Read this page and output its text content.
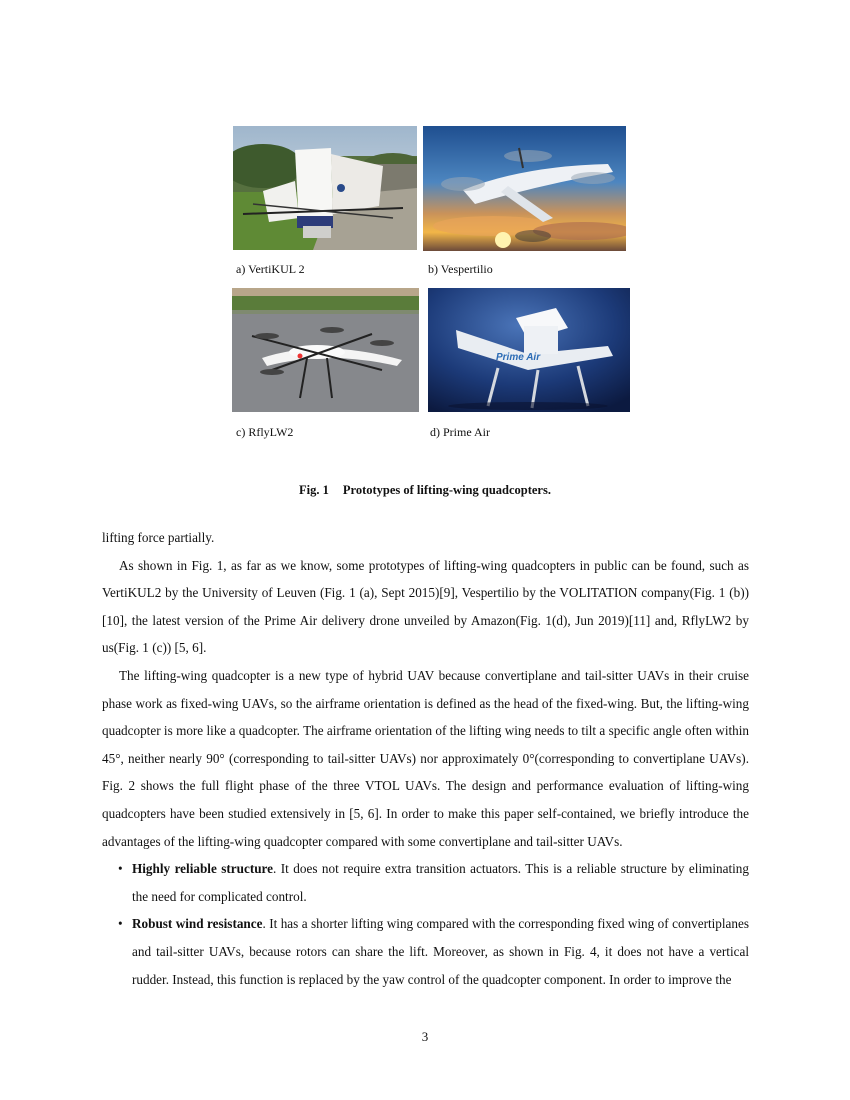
a) VertiKUL 2	b) Vespertilio
Prime Air
c) RflyLW2	d) Prime Air
Fig. 1 Prototypes of lifting-wing quadcopters.

lifting force partially.

As shown in Fig. 1, as far as we know, some prototypes of lifting-wing quadcopters in public can be found, such as VertiKUL2 by the University of Leuven (Fig. 1 (a), Sept 2015)[9], Vespertilio by the VOLITATION company(Fig. 1 (b))[10], the latest version of the Prime Air delivery drone unveiled by Amazon(Fig. 1(d), Jun 2019)[11] and, RflyLW2 by us(Fig. 1 (c)) [5, 6].

The lifting-wing quadcopter is a new type of hybrid UAV because convertiplane and tail-sitter UAVs in their cruise phase work as fixed-wing UAVs, so the airframe orientation is defined as the head of the fixed-wing. But, the lifting-wing quadcopter is more like a quadcopter. The airframe orientation of the lifting wing needs to tilt a specific angle often within 45°, neither nearly 90° (corresponding to tail-sitter UAVs) nor approximately 0°(corresponding to convertiplane UAVs). Fig. 2 shows the full flight phase of the three VTOL UAVs. The design and performance evaluation of lifting-wing quadcopters have been studied extensively in [5, 6]. In order to make this paper self-contained, we briefly introduce the advantages of the lifting-wing quadcopter compared with some convertiplane and tail-sitter UAVs.

• Highly reliable structure. It does not require extra transition actuators. This is a reliable structure by eliminating the need for complicated control.
• Robust wind resistance. It has a shorter lifting wing compared with the corresponding fixed wing of convertiplanes and tail-sitter UAVs, because rotors can share the lift. Moreover, as shown in Fig. 4, it does not have a vertical rudder. Instead, this function is replaced by the yaw control of the quadcopter component. In order to improve the
3
